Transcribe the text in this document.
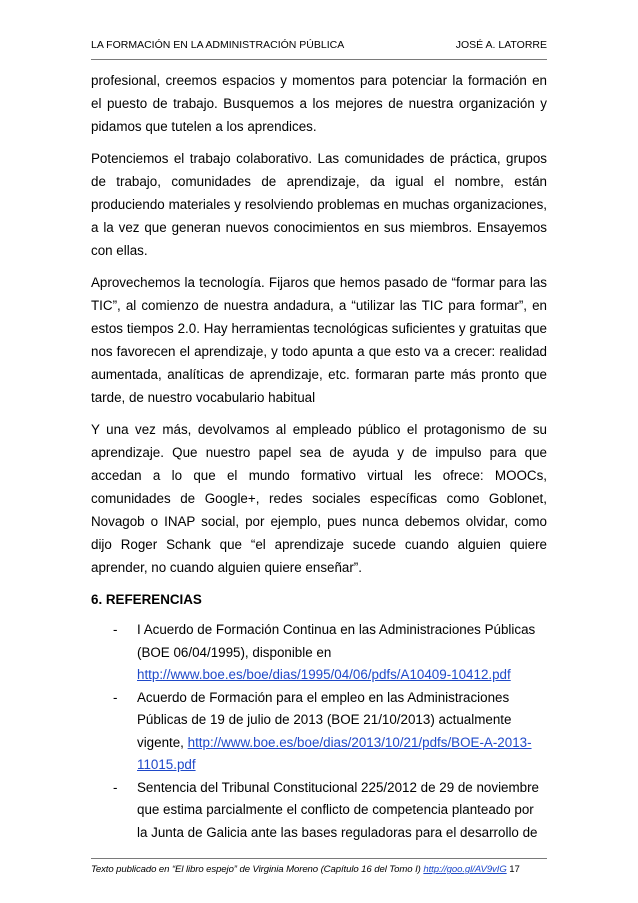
LA FORMACIÓN EN LA ADMINISTRACIÓN PÚBLICA	JOSÉ A. LATORRE

profesional, creemos espacios y momentos para potenciar la formación en el puesto de trabajo. Busquemos a los mejores de nuestra organización y pidamos que tutelen a los aprendices.

Potenciemos el trabajo colaborativo. Las comunidades de práctica, grupos de trabajo, comunidades de aprendizaje, da igual el nombre, están produciendo materiales y resolviendo problemas en muchas organizaciones, a la vez que generan nuevos conocimientos en sus miembros. Ensayemos con ellas.

Aprovechemos la tecnología. Fijaros que hemos pasado de “formar para las TIC”, al comienzo de nuestra andadura, a “utilizar las TIC para formar”, en estos tiempos 2.0. Hay herramientas tecnológicas suficientes y gratuitas que nos favorecen el aprendizaje, y todo apunta a que esto va a crecer: realidad aumentada, analíticas de aprendizaje, etc. formaran parte más pronto que tarde, de nuestro vocabulario habitual

Y una vez más, devolvamos al empleado público el protagonismo de su aprendizaje. Que nuestro papel sea de ayuda y de impulso para que accedan a lo que el mundo formativo virtual les ofrece: MOOCs, comunidades de Google+, redes sociales específicas como Goblonet, Novagob o INAP social, por ejemplo, pues nunca debemos olvidar, como dijo Roger Schank que “el aprendizaje sucede cuando alguien quiere aprender, no cuando alguien quiere enseñar”.

6. REFERENCIAS
- I Acuerdo de Formación Continua en las Administraciones Públicas (BOE 06/04/1995), disponible en
http://www.boe.es/boe/dias/1995/04/06/pdfs/A10409-10412.pdf
- Acuerdo de Formación para el empleo en las Administraciones Públicas de 19 de julio de 2013 (BOE 21/10/2013) actualmente vigente, http://www.boe.es/boe/dias/2013/10/21/pdfs/BOE-A-2013-11015.pdf
- Sentencia del Tribunal Constitucional 225/2012 de 29 de noviembre que estima parcialmente el conflicto de competencia planteado por la Junta de Galicia ante las bases reguladoras para el desarrollo de
Texto publicado en “El libro espejo” de Virginia Moreno (Capítulo 16 del Tomo I) http://goo.gl/AV9vIG 17
